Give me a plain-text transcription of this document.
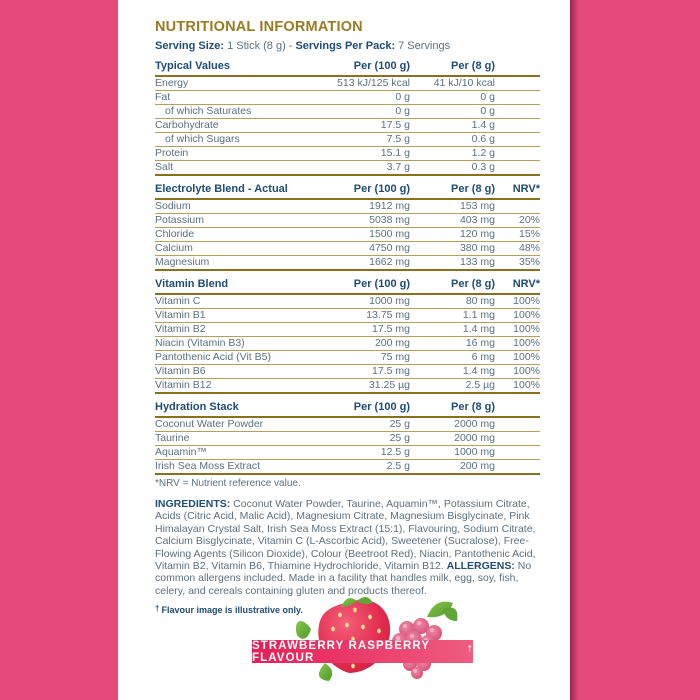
NUTRITIONAL INFORMATION
Serving Size: 1 Stick (8 g) - Servings Per Pack: 7 Servings
Typical Values	Per (100 g)	Per (8 g)
Energy	513 kJ/125 kcal	41 kJ/10 kcal
Fat	0 g	0 g
of which Saturates	0 g	0 g
Carbohydrate	17.5 g	1.4 g
of which Sugars	7.5 g	0.6 g
Protein	15.1 g	1.2 g
Salt	3.7 g	0.3 g
Electrolyte Blend - Actual	Per (100 g)	Per (8 g)	NRV*
Sodium	1912 mg	153 mg
Potassium	5038 mg	403 mg	20%
Chloride	1500 mg	120 mg	15%
Calcium	4750 mg	380 mg	48%
Magnesium	1662 mg	133 mg	35%
Vitamin Blend	Per (100 g)	Per (8 g)	NRV*
Vitamin C	1000 mg	80 mg	100%
Vitamin B1	13.75 mg	1.1 mg	100%
Vitamin B2	17.5 mg	1.4 mg	100%
Niacin (Vitamin B3)	200 mg	16 mg	100%
Pantothenic Acid (Vit B5)	75 mg	6 mg	100%
Vitamin B6	17.5 mg	1.4 mg	100%
Vitamin B12	31.25 µg	2.5 µg	100%
Hydration Stack	Per (100 g)	Per (8 g)
Coconut Water Powder	25 g	2000 mg
Taurine	25 g	2000 mg
Aquamin™	12.5 g	1000 mg
Irish Sea Moss Extract	2.5 g	200 mg
*NRV = Nutrient reference value.

INGREDIENTS: Coconut Water Powder, Taurine, Aquamin™, Potassium Citrate, Acids (Citric Acid, Malic Acid), Magnesium Citrate, Magnesium Bisglycinate, Pink Himalayan Crystal Salt, Irish Sea Moss Extract (15:1), Flavouring, Sodium Citrate, Calcium Bisglycinate, Vitamin C (L-Ascorbic Acid), Sweetener (Sucralose), Free-Flowing Agents (Silicon Dioxide), Colour (Beetroot Red), Niacin, Pantothenic Acid, Vitamin B2, Vitamin B6, Thiamine Hydrochloride, Vitamin B12. ALLERGENS: No common allergens included. Made in a facility that handles milk, egg, soy, fish, celery, and cereals containing gluten and products thereof.

† Flavour image is illustrative only.
STRAWBERRY RASPBERRY FLAVOUR
†
